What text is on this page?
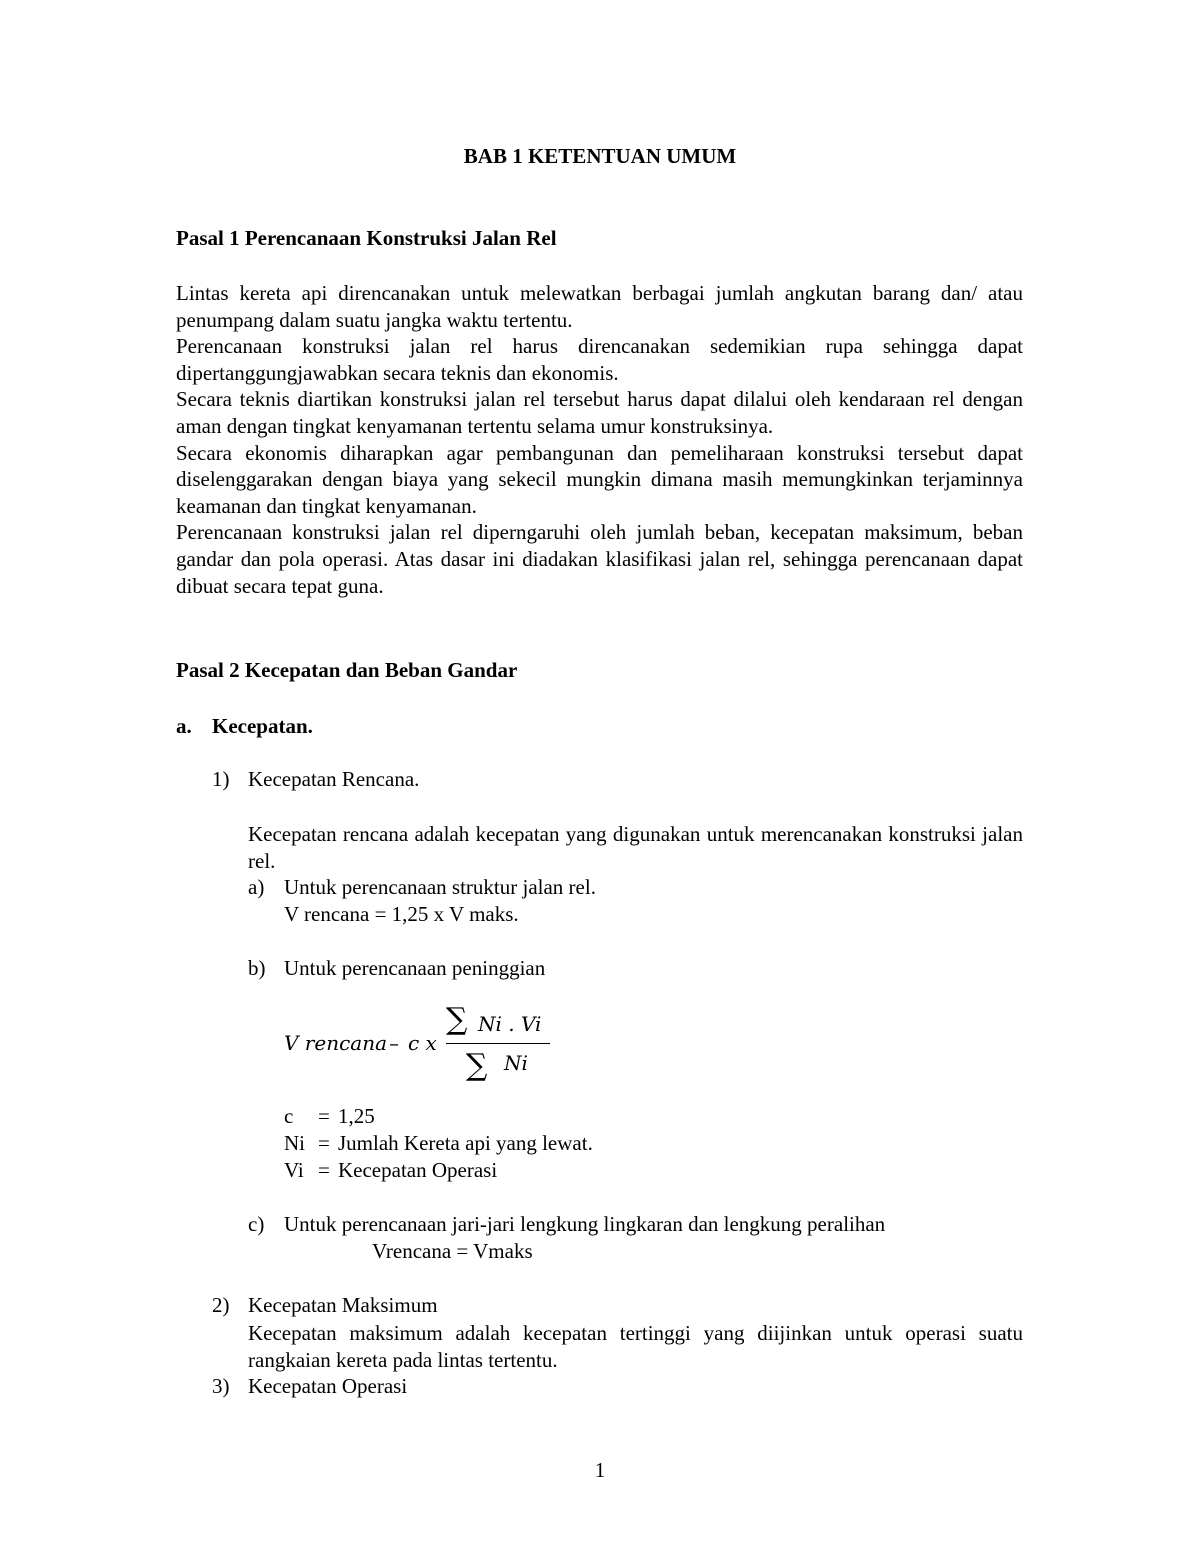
BAB 1 KETENTUAN UMUM
Pasal 1 Perencanaan Konstruksi Jalan Rel

Lintas kereta api direncanakan untuk melewatkan berbagai jumlah angkutan barang dan/ atau penumpang dalam suatu jangka waktu tertentu.

Perencanaan konstruksi jalan rel harus direncanakan sedemikian rupa sehingga dapat dipertanggungjawabkan secara teknis dan ekonomis.

Secara teknis diartikan konstruksi jalan rel tersebut harus dapat dilalui oleh kendaraan rel dengan aman dengan tingkat kenyamanan tertentu selama umur konstruksinya.

Secara ekonomis diharapkan agar pembangunan dan pemeliharaan konstruksi tersebut dapat diselenggarakan dengan biaya yang sekecil mungkin dimana masih memungkinkan terjaminnya keamanan dan tingkat kenyamanan.

Perencanaan konstruksi jalan rel diperngaruhi oleh jumlah beban, kecepatan maksimum, beban gandar dan pola operasi. Atas dasar ini diadakan klasifikasi jalan rel, sehingga perencanaan dapat dibuat secara tepat guna.

Pasal 2 Kecepatan dan Beban Gandar
a. Kecepatan.
1) Kecepatan Rencana.

Kecepatan rencana adalah kecepatan yang digunakan untuk merencanakan konstruksi jalan rel.

a) Untuk perencanaan struktur jalan rel.
V rencana = 1,25 x V maks.
b) Untuk perencanaan peninggian
V rencana – c x
∑ Ni . Vi
∑ Ni
c = 1,25
Ni = Jumlah Kereta api yang lewat.
Vi = Kecepatan Operasi
c) Untuk perencanaan jari-jari lengkung lingkaran dan lengkung peralihan
Vrencana = Vmaks
2) Kecepatan Maksimum

Kecepatan maksimum adalah kecepatan tertinggi yang diijinkan untuk operasi suatu rangkaian kereta pada lintas tertentu.

3) Kecepatan Operasi
1
